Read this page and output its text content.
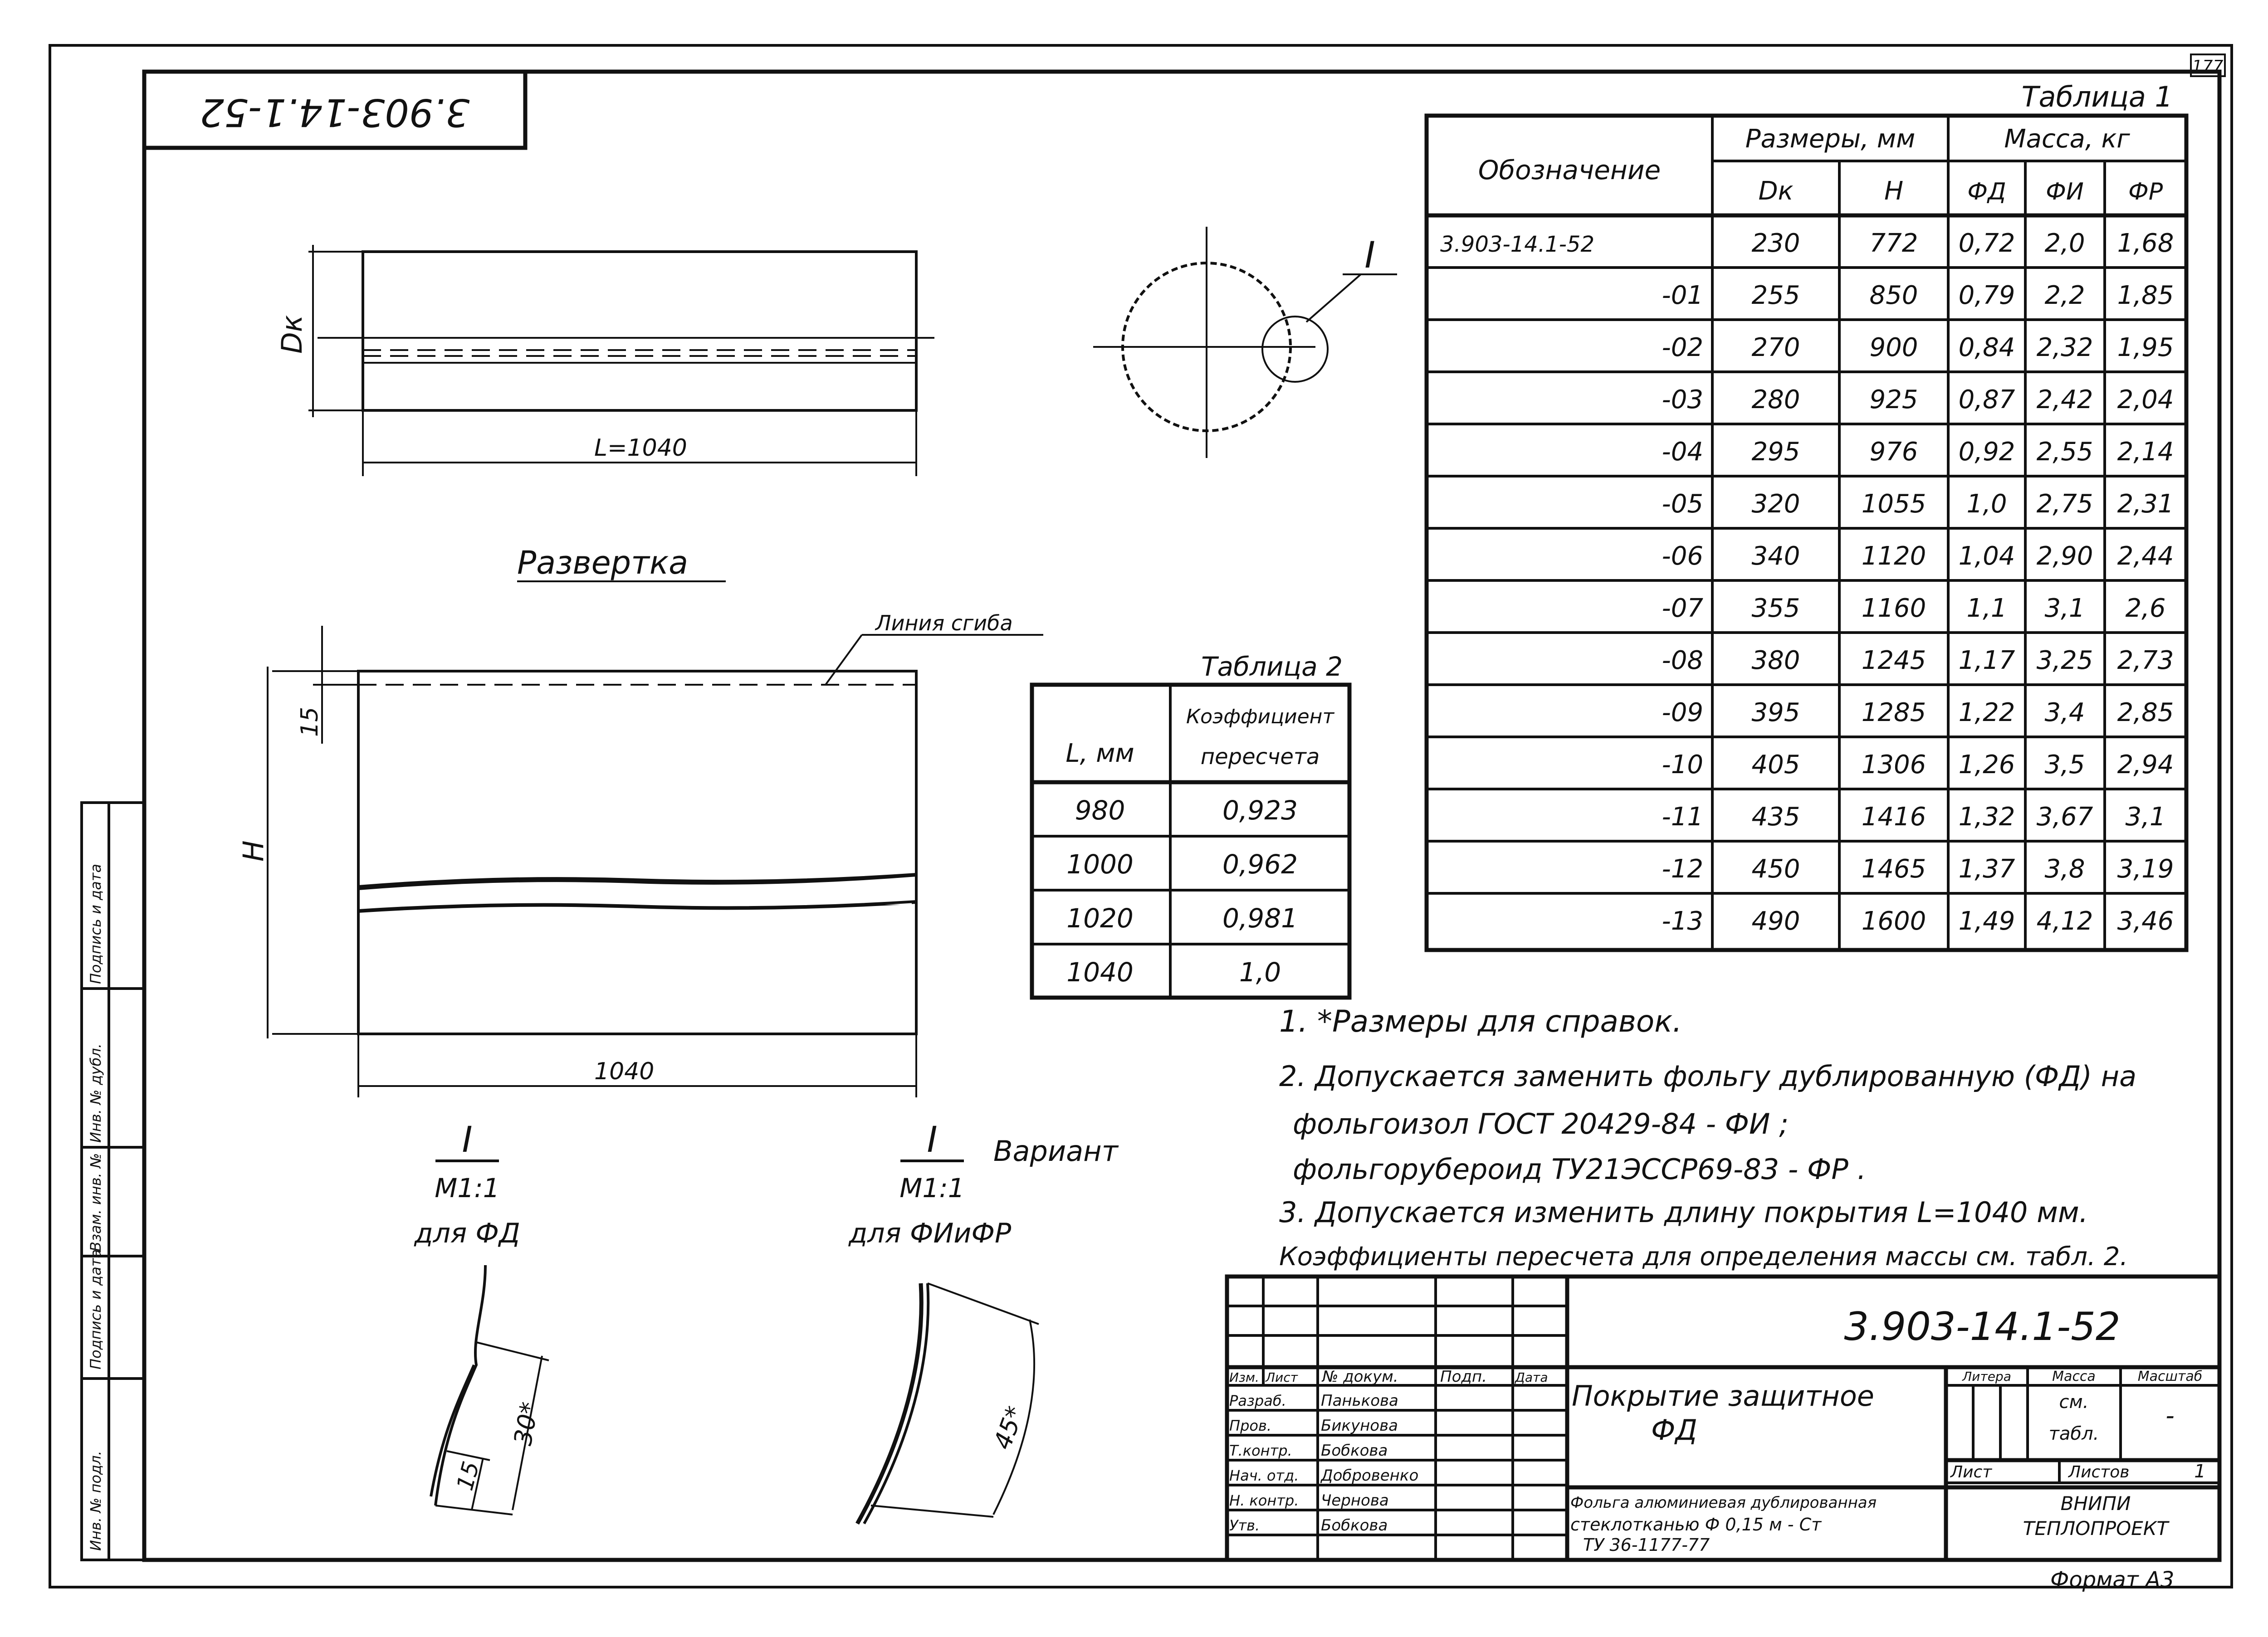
177
3.903-14.1-52
Инв. № подл.
Подпись и дата
Взам. инв. №
Инв. № дубл.
Подпись и дата
Dк
L=1040
I
Развертка
Линия сгиба
15
H
1040
Таблица 1
Обозначение
Размеры, мм	Масса, кг
Dк	H	ФД ФИ ФР
3.903-14.1-52	230	772 0,72 2,0 1,68
-01 255	850 0,79 2,2 1,85
-02 270	900 0,84 2,32 1,95
-03 280	925 0,87 2,42 2,04
-04 295	976 0,92 2,55 2,14
-05 320 1055 1,0 2,75 2,31
-06 340 1120 1,04 2,90 2,44
-07 355 1160 1,1 3,1 2,6
-08 380 1245 1,17 3,25 2,73
-09 395 1285 1,22 3,4 2,85
-10 405 1306 1,26 3,5 2,94
-11 435 1416 1,32 3,67 3,1
-12 450 1465 1,37 3,8 3,19
-13 490 1600 1,49 4,12 3,46
Таблица 2
L, мм
Коэффициент
пересчета
980	0,923
1000	0,962
1020	0,981
1040	1,0
1. *Размеры для справок.
2. Допускается заменить фольгу дублированную (ФД) на
фольгоизол ГОСТ 20429-84 - ФИ ;
фольгорубероид ТУ21ЭССР69-83 - ФР .
3. Допускается изменить длину покрытия L=1040 мм.
Коэффициенты пересчета для определения массы см. табл. 2.
I
М1:1
для ФД
30*
15
I Вариант
М1:1
для ФИиФР
45*
3.903-14.1-52
Покрытие защитное
ФД
Фольга алюминиевая дублированная
стеклотканью Ф 0,15 м - Ст
ТУ 36-1177-77
Изм. Лист № докум.	Подп. Дата	Литера	Масса	Масштаб
см.
табл.
-
Лист	Листов	1
ВНИПИ
ТЕПЛОПРОЕКТ
Разраб. Панькова
Пров.	Бикунова
Т.контр. Бобкова
Нач. отд. Добровенко
Н. контр. Чернова
Утв.	Бобкова
Формат А3
